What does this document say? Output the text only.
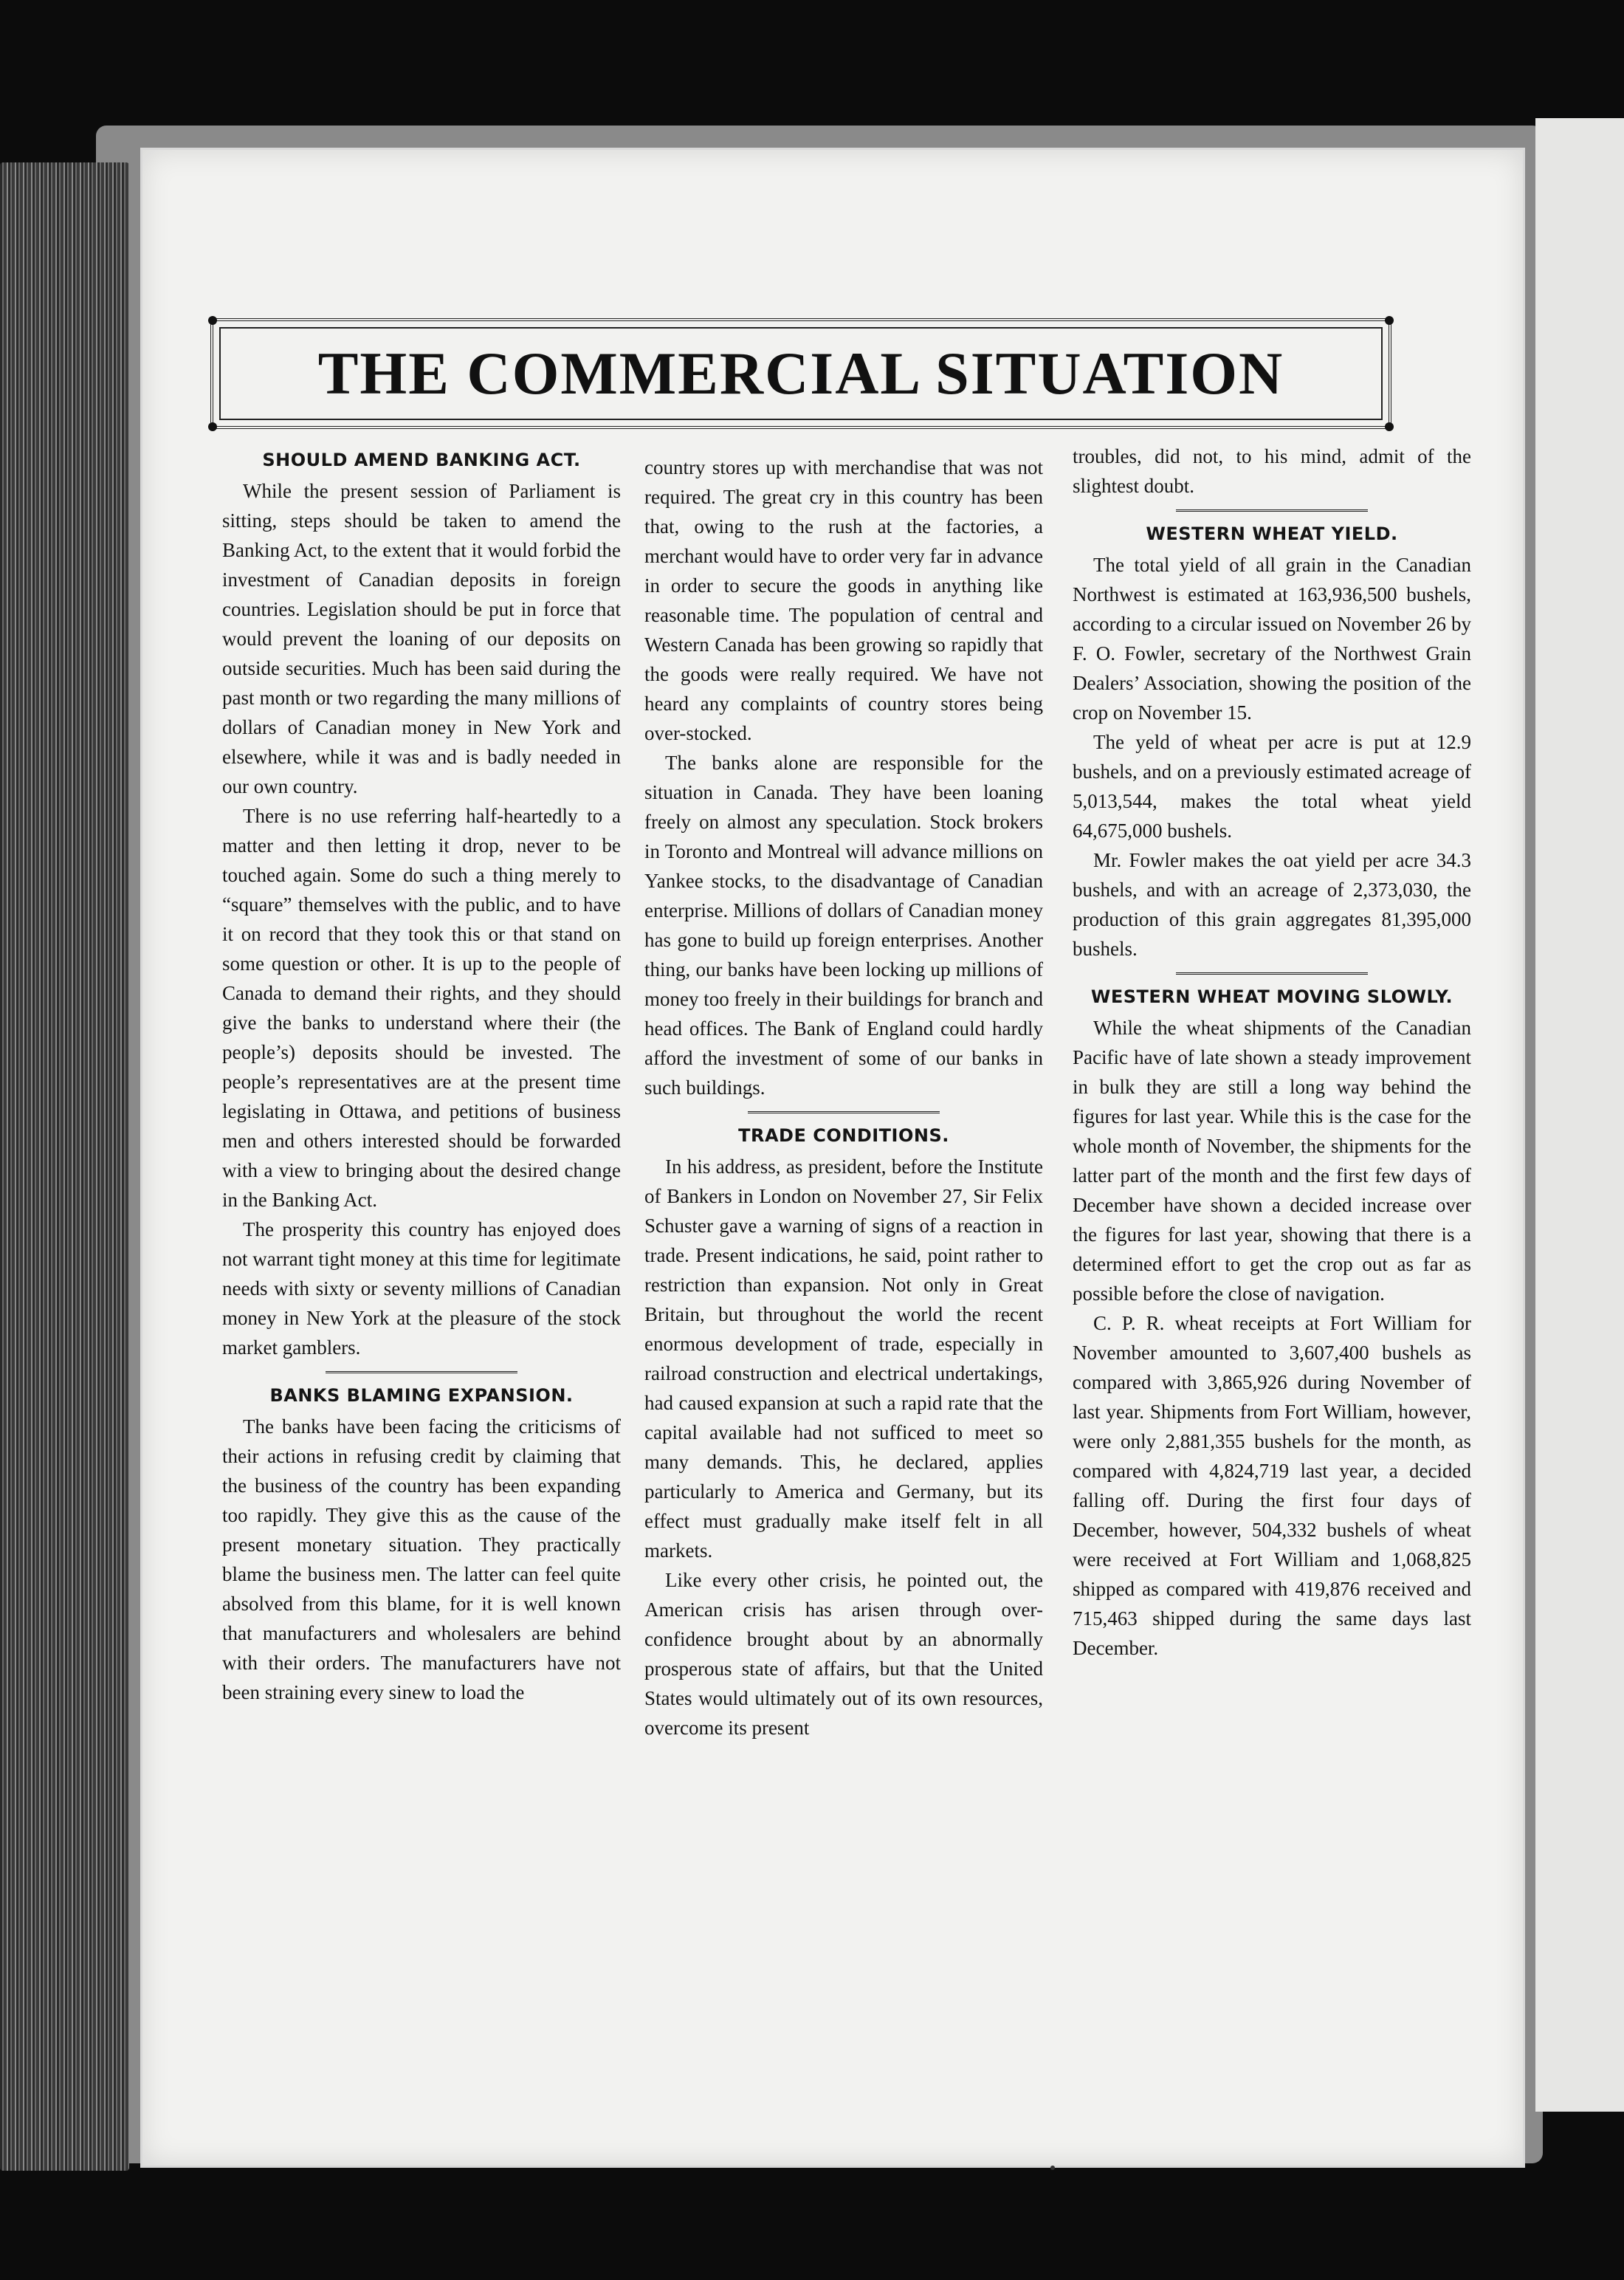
THE COMMERCIAL SITUATION
SHOULD AMEND BANKING ACT.

While the present session of Parliament is sitting, steps should be taken to amend the Banking Act, to the extent that it would forbid the investment of Canadian deposits in foreign countries. Legislation should be put in force that would prevent the loaning of our deposits on outside securities. Much has been said during the past month or two regarding the many millions of dollars of Canadian money in New York and elsewhere, while it was and is badly needed in our own country.

There is no use referring half-heartedly to a matter and then letting it drop, never to be touched again. Some do such a thing merely to “square” themselves with the public, and to have it on record that they took this or that stand on some question or other. It is up to the people of Canada to demand their rights, and they should give the banks to understand where their (the people’s) deposits should be invested. The people’s representatives are at the present time legislating in Ottawa, and petitions of business men and others interested should be forwarded with a view to bringing about the desired change in the Banking Act.

The prosperity this country has enjoyed does not warrant tight money at this time for legitimate needs with sixty or seventy millions of Canadian money in New York at the pleasure of the stock market gamblers.

BANKS BLAMING EXPANSION.

The banks have been facing the criticisms of their actions in refusing credit by claiming that the business of the country has been expanding too rapidly. They give this as the cause of the present monetary situation. They practically blame the business men. The latter can feel quite absolved from this blame, for it is well known that manufacturers and wholesalers are behind with their orders. The manufacturers have not been straining every sinew to load the

country stores up with merchandise that was not required. The great cry in this country has been that, owing to the rush at the factories, a merchant would have to order very far in advance in order to secure the goods in anything like reasonable time. The population of central and Western Canada has been growing so rapidly that the goods were really required. We have not heard any complaints of country stores being over-stocked.

The banks alone are responsible for the situation in Canada. They have been loaning freely on almost any speculation. Stock brokers in Toronto and Montreal will advance millions on Yankee stocks, to the disadvantage of Canadian enterprise. Millions of dollars of Canadian money has gone to build up foreign enterprises. Another thing, our banks have been locking up millions of money too freely in their buildings for branch and head offices. The Bank of England could hardly afford the investment of some of our banks in such buildings.

TRADE CONDITIONS.

In his address, as president, before the Institute of Bankers in London on November 27, Sir Felix Schuster gave a warning of signs of a reaction in trade. Present indications, he said, point rather to restriction than expansion. Not only in Great Britain, but throughout the world the recent enormous development of trade, especially in railroad construction and electrical undertakings, had caused expansion at such a rapid rate that the capital available had not sufficed to meet so many demands. This, he declared, applies particularly to America and Germany, but its effect must gradually make itself felt in all markets.

Like every other crisis, he pointed out, the American crisis has arisen through over-confidence brought about by an abnormally prosperous state of affairs, but that the United States would ultimately out of its own resources, overcome its present

troubles, did not, to his mind, admit of the slightest doubt.

WESTERN WHEAT YIELD.

The total yield of all grain in the Canadian Northwest is estimated at 163,936,500 bushels, according to a circular issued on November 26 by F. O. Fowler, secretary of the Northwest Grain Dealers’ Association, showing the position of the crop on November 15.

The yeld of wheat per acre is put at 12.9 bushels, and on a previously estimated acreage of 5,013,544, makes the total wheat yield 64,675,000 bushels.

Mr. Fowler makes the oat yield per acre 34.3 bushels, and with an acreage of 2,373,030, the production of this grain aggregates 81,395,000 bushels.

WESTERN WHEAT MOVING SLOWLY.

While the wheat shipments of the Canadian Pacific have of late shown a steady improvement in bulk they are still a long way behind the figures for last year. While this is the case for the whole month of November, the shipments for the latter part of the month and the first few days of December have shown a decided increase over the figures for last year, showing that there is a determined effort to get the crop out as far as possible before the close of navigation.

C. P. R. wheat receipts at Fort William for November amounted to 3,607,400 bushels as compared with 3,865,926 during November of last year. Shipments from Fort William, however, were only 2,881,355 bushels for the month, as compared with 4,824,719 last year, a decided falling off. During the first four days of December, however, 504,332 bushels of wheat were received at Fort William and 1,068,825 shipped as compared with 419,876 received and 715,463 shipped during the same days last December.
